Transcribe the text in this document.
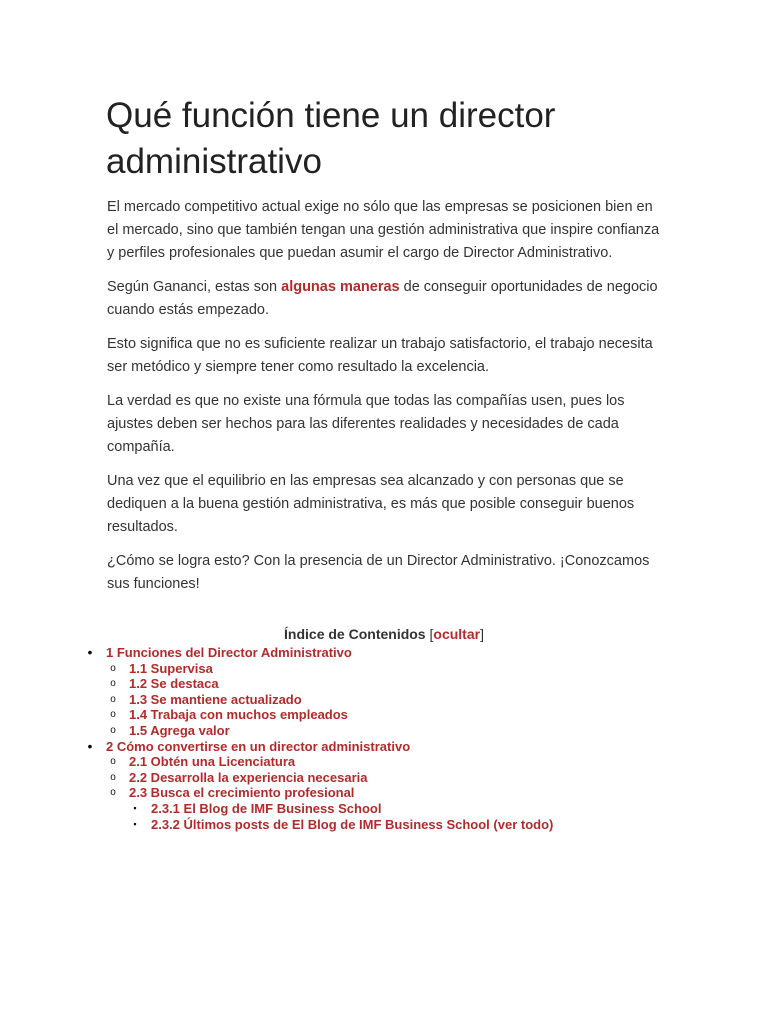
Qué función tiene un director administrativo

El mercado competitivo actual exige no sólo que las empresas se posicionen bien en el mercado, sino que también tengan una gestión administrativa que inspire confianza y perfiles profesionales que puedan asumir el cargo de Director Administrativo.

Según Gananci, estas son algunas maneras de conseguir oportunidades de negocio cuando estás empezado.

Esto significa que no es suficiente realizar un trabajo satisfactorio, el trabajo necesita ser metódico y siempre tener como resultado la excelencia.

La verdad es que no existe una fórmula que todas las compañías usen, pues los ajustes deben ser hechos para las diferentes realidades y necesidades de cada compañía.

Una vez que el equilibrio en las empresas sea alcanzado y con personas que se dediquen a la buena gestión administrativa, es más que posible conseguir buenos resultados.

¿Cómo se logra esto? Con la presencia de un Director Administrativo. ¡Conozcamos sus funciones!

Índice de Contenidos [ocultar]
•	1 Funciones del Director Administrativo
o	1.1 Supervisa
o	1.2 Se destaca
o	1.3 Se mantiene actualizado
o	1.4 Trabaja con muchos empleados
o	1.5 Agrega valor
•	2 Cómo convertirse en un director administrativo
o	2.1 Obtén una Licenciatura
o	2.2 Desarrolla la experiencia necesaria
o	2.3 Busca el crecimiento profesional
▪	2.3.1 El Blog de IMF Business School
▪	2.3.2 Últimos posts de El Blog de IMF Business School (ver todo)
